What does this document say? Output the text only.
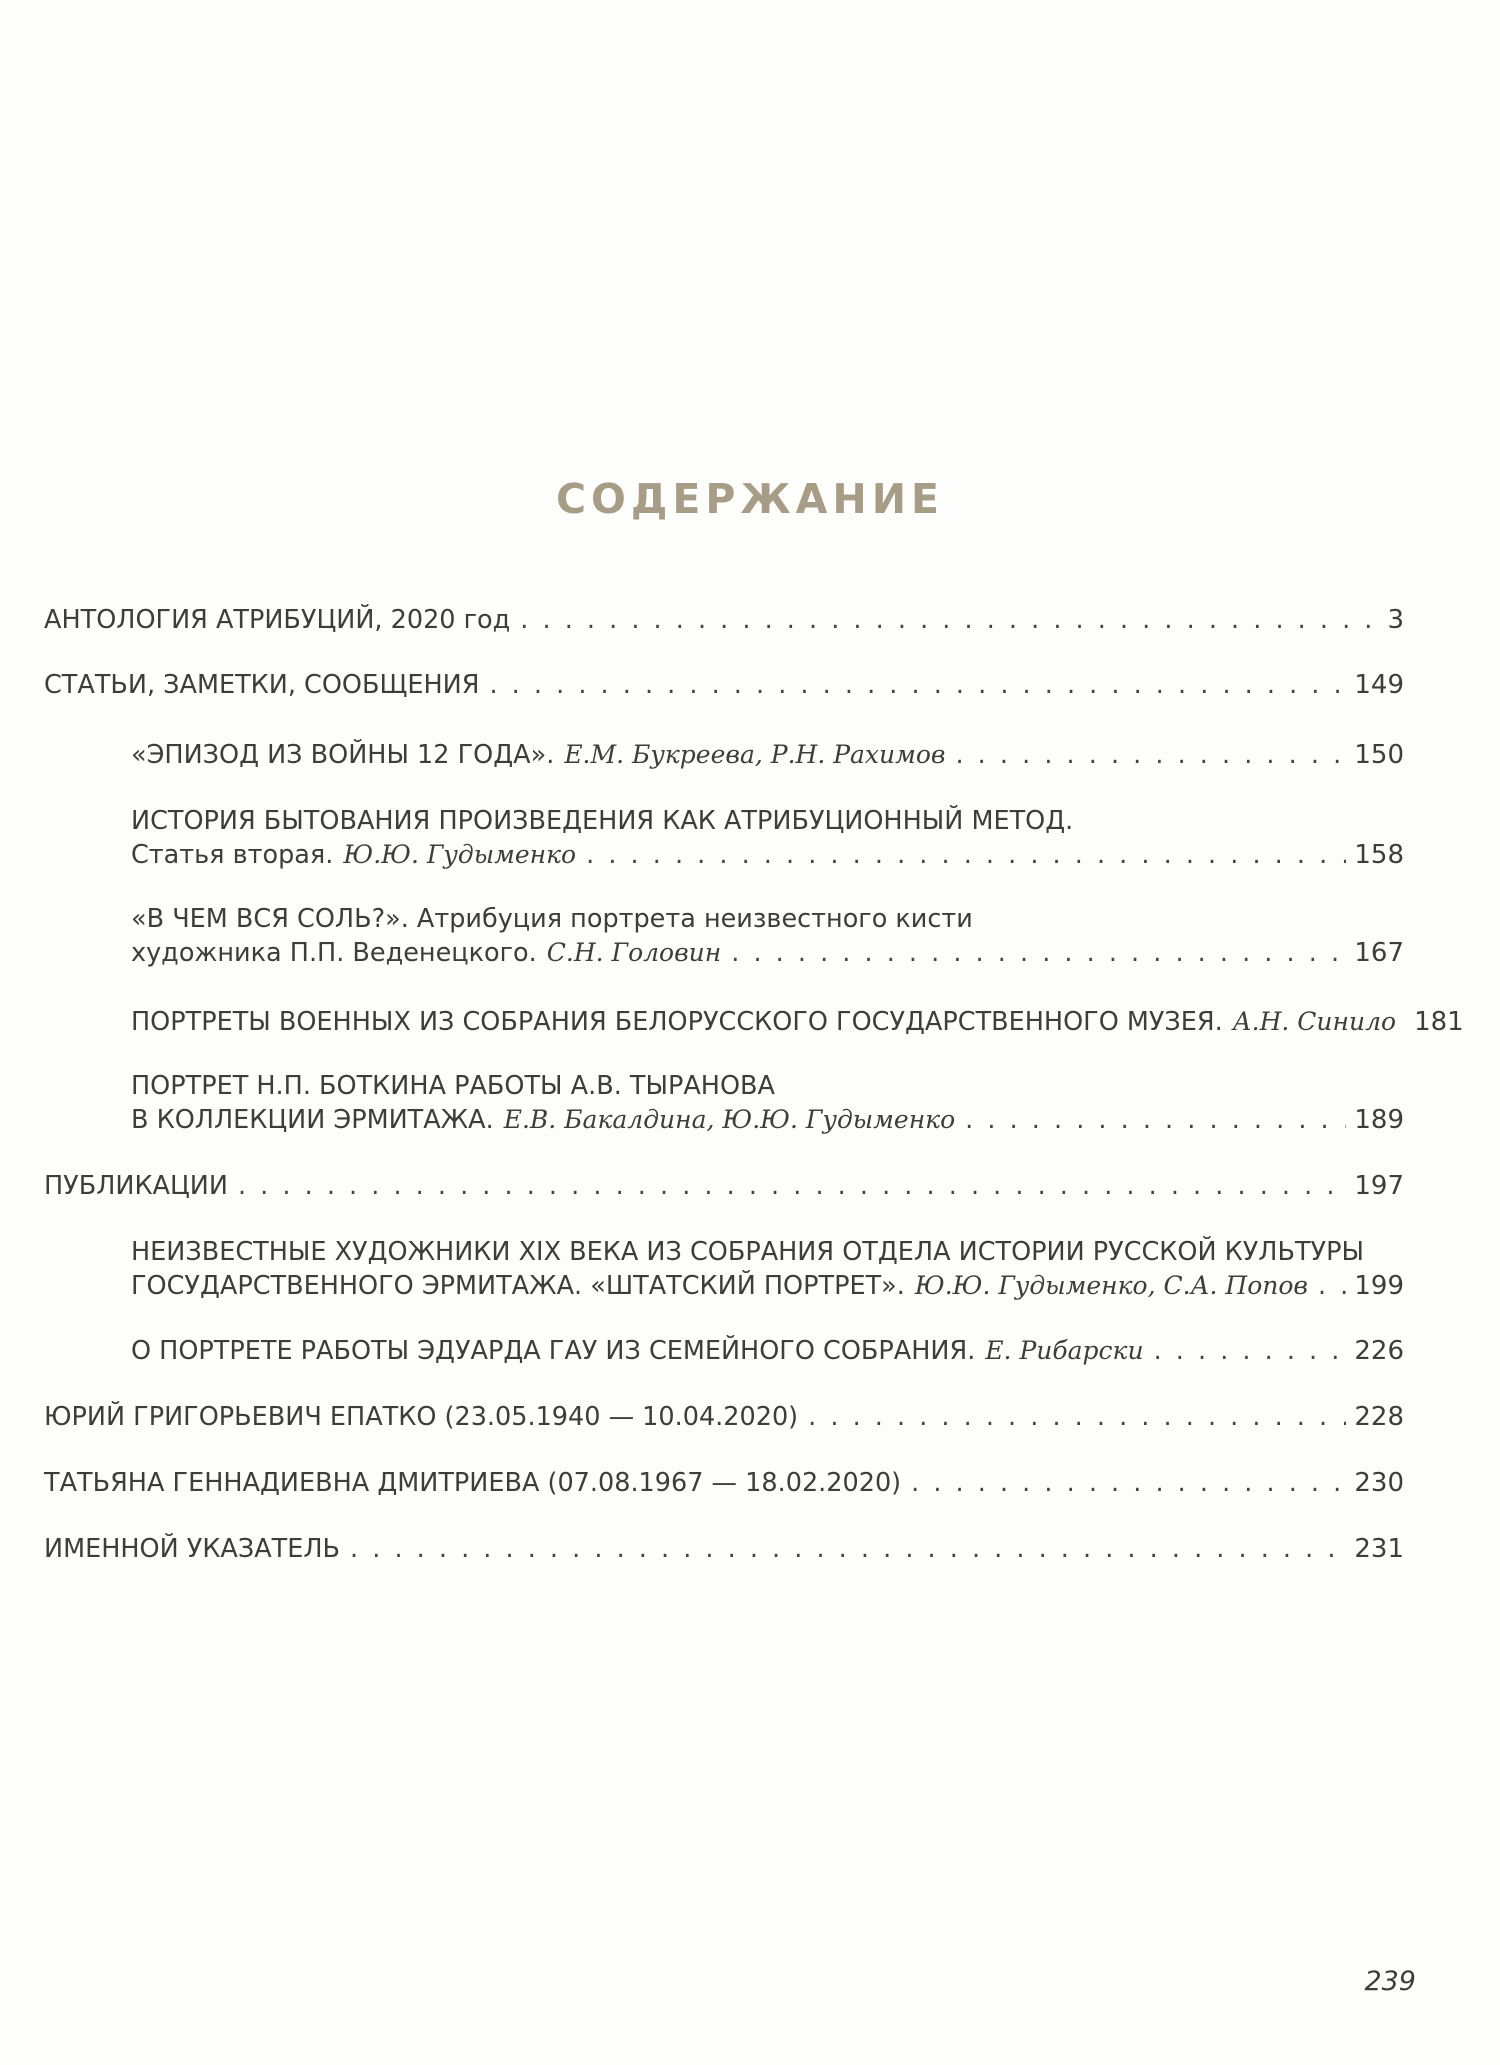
СОДЕРЖАНИЕ
АНТОЛОГИЯ АТРИБУЦИЙ, 2020 год . . .	3
СТАТЬИ, ЗАМЕТКИ, СООБЩЕНИЯ . . .	149
«ЭПИЗОД ИЗ ВОЙНЫ 12 ГОДА». Е.М. Букреева, Р.Н. Рахимов . . .	150
ИСТОРИЯ БЫТОВАНИЯ ПРОИЗВЕДЕНИЯ КАК АТРИБУЦИОННЫЙ МЕТОД.
Статья вторая. Ю.Ю. Гудыменко . . .	158
«В ЧЕМ ВСЯ СОЛЬ?». Атрибуция портрета неизвестного кисти
художника П.П. Веденецкого. С.Н. Головин . . .	167
ПОРТРЕТЫ ВОЕННЫХ ИЗ СОБРАНИЯ БЕЛОРУССКОГО ГОСУДАРСТВЕННОГО МУЗЕЯ. А.Н. Синило 181
ПОРТРЕТ Н.П. БОТКИНА РАБОТЫ А.В. ТЫРАНОВА
В КОЛЛЕКЦИИ ЭРМИТАЖА. Е.В. Бакалдина, Ю.Ю. Гудыменко . . .	189
ПУБЛИКАЦИИ . . .	197
НЕИЗВЕСТНЫЕ ХУДОЖНИКИ XIX ВЕКА ИЗ СОБРАНИЯ ОТДЕЛА ИСТОРИИ РУССКОЙ КУЛЬТУРЫ
ГОСУДАРСТВЕННОГО ЭРМИТАЖА. «ШТАТСКИЙ ПОРТРЕТ». Ю.Ю. Гудыменко, С.А. Попов . . . 199
О ПОРТРЕТЕ РАБОТЫ ЭДУАРДА ГАУ ИЗ СЕМЕЙНОГО СОБРАНИЯ. Е. Рибарски . . .	226
ЮРИЙ ГРИГОРЬЕВИЧ ЕПАТКО (23.05.1940 — 10.04.2020) . . .	228
ТАТЬЯНА ГЕННАДИЕВНА ДМИТРИЕВА (07.08.1967 — 18.02.2020) . . .	230
ИМЕННОЙ УКАЗАТЕЛЬ . . .	231
239
